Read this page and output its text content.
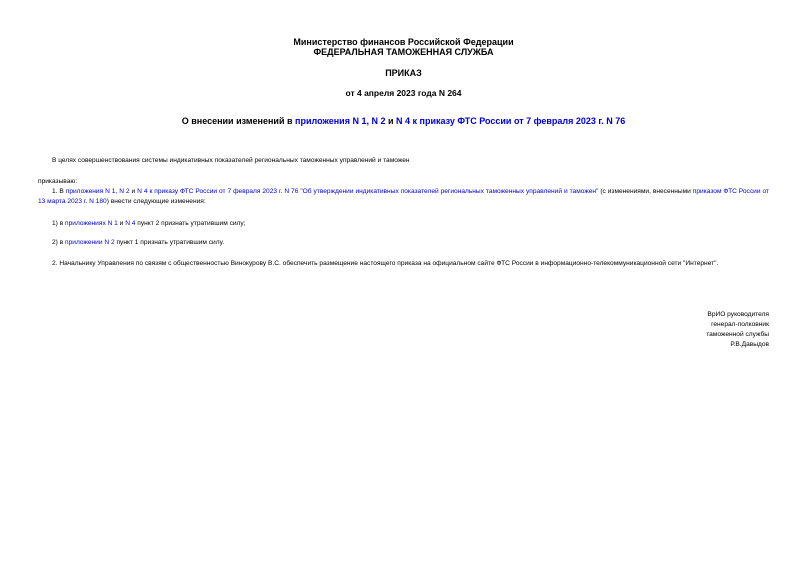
Министерство финансов Российской Федерации
ФЕДЕРАЛЬНАЯ ТАМОЖЕННАЯ СЛУЖБА
ПРИКАЗ
от 4 апреля 2023 года N 264
О внесении изменений в приложения N 1, N 2 и N 4 к приказу ФТС России от 7 февраля 2023 г. N 76
В целях совершенствования системы индикативных показателей региональных таможенных управлений и таможен
приказываю:
1. В приложения N 1, N 2 и N 4 к приказу ФТС России от 7 февраля 2023 г. N 76 "Об утверждении индикативных показателей региональных таможенных управлений и таможен" (с изменениями, внесенными приказом ФТС России от 13 марта 2023 г. N 180) внести следующие изменения:
1) в приложениях N 1 и N 4 пункт 2 признать утратившим силу;
2) в приложении N 2 пункт 1 признать утратившим силу.
2. Начальнику Управления по связям с общественностью Винокурову В.С. обеспечить размещение настоящего приказа на официальном сайте ФТС России в информационно-телекоммуникационной сети "Интернет".
ВрИО руководителя
генерал-полковник
таможенной службы
Р.В.Давыдов
